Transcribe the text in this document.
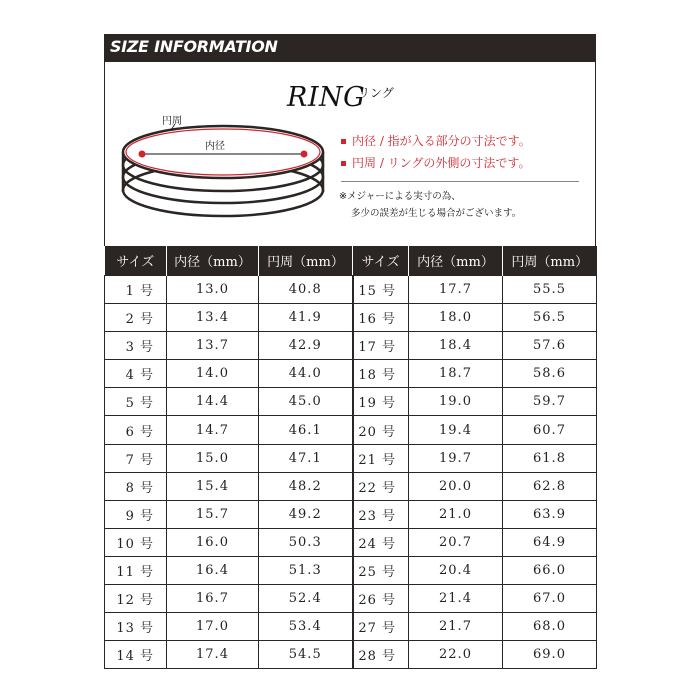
SIZE INFORMATION
RING
リング
円周
内径	内径 / 指が入る部分の寸法です。
円周 / リングの外側の寸法です。
※メジャーによる実寸の為、
多少の誤差が生じる場合がございます。
サイズ	内径（mm）	円周（mm）	サイズ	内径（mm）	円周（mm）
1 号	13.0	40.8	15 号	17.7	55.5
2 号	13.4	41.9	16 号	18.0	56.5
3 号	13.7	42.9	17 号	18.4	57.6
4 号	14.0	44.0	18 号	18.7	58.6
5 号	14.4	45.0	19 号	19.0	59.7
6 号	14.7	46.1	20 号	19.4	60.7
7 号	15.0	47.1	21 号	19.7	61.8
8 号	15.4	48.2	22 号	20.0	62.8
9 号	15.7	49.2	23 号	21.0	63.9
10 号	16.0	50.3	24 号	20.7	64.9
11 号	16.4	51.3	25 号	20.4	66.0
12 号	16.7	52.4	26 号	21.4	67.0
13 号	17.0	53.4	27 号	21.7	68.0
14 号	17.4	54.5	28 号	22.0	69.0
